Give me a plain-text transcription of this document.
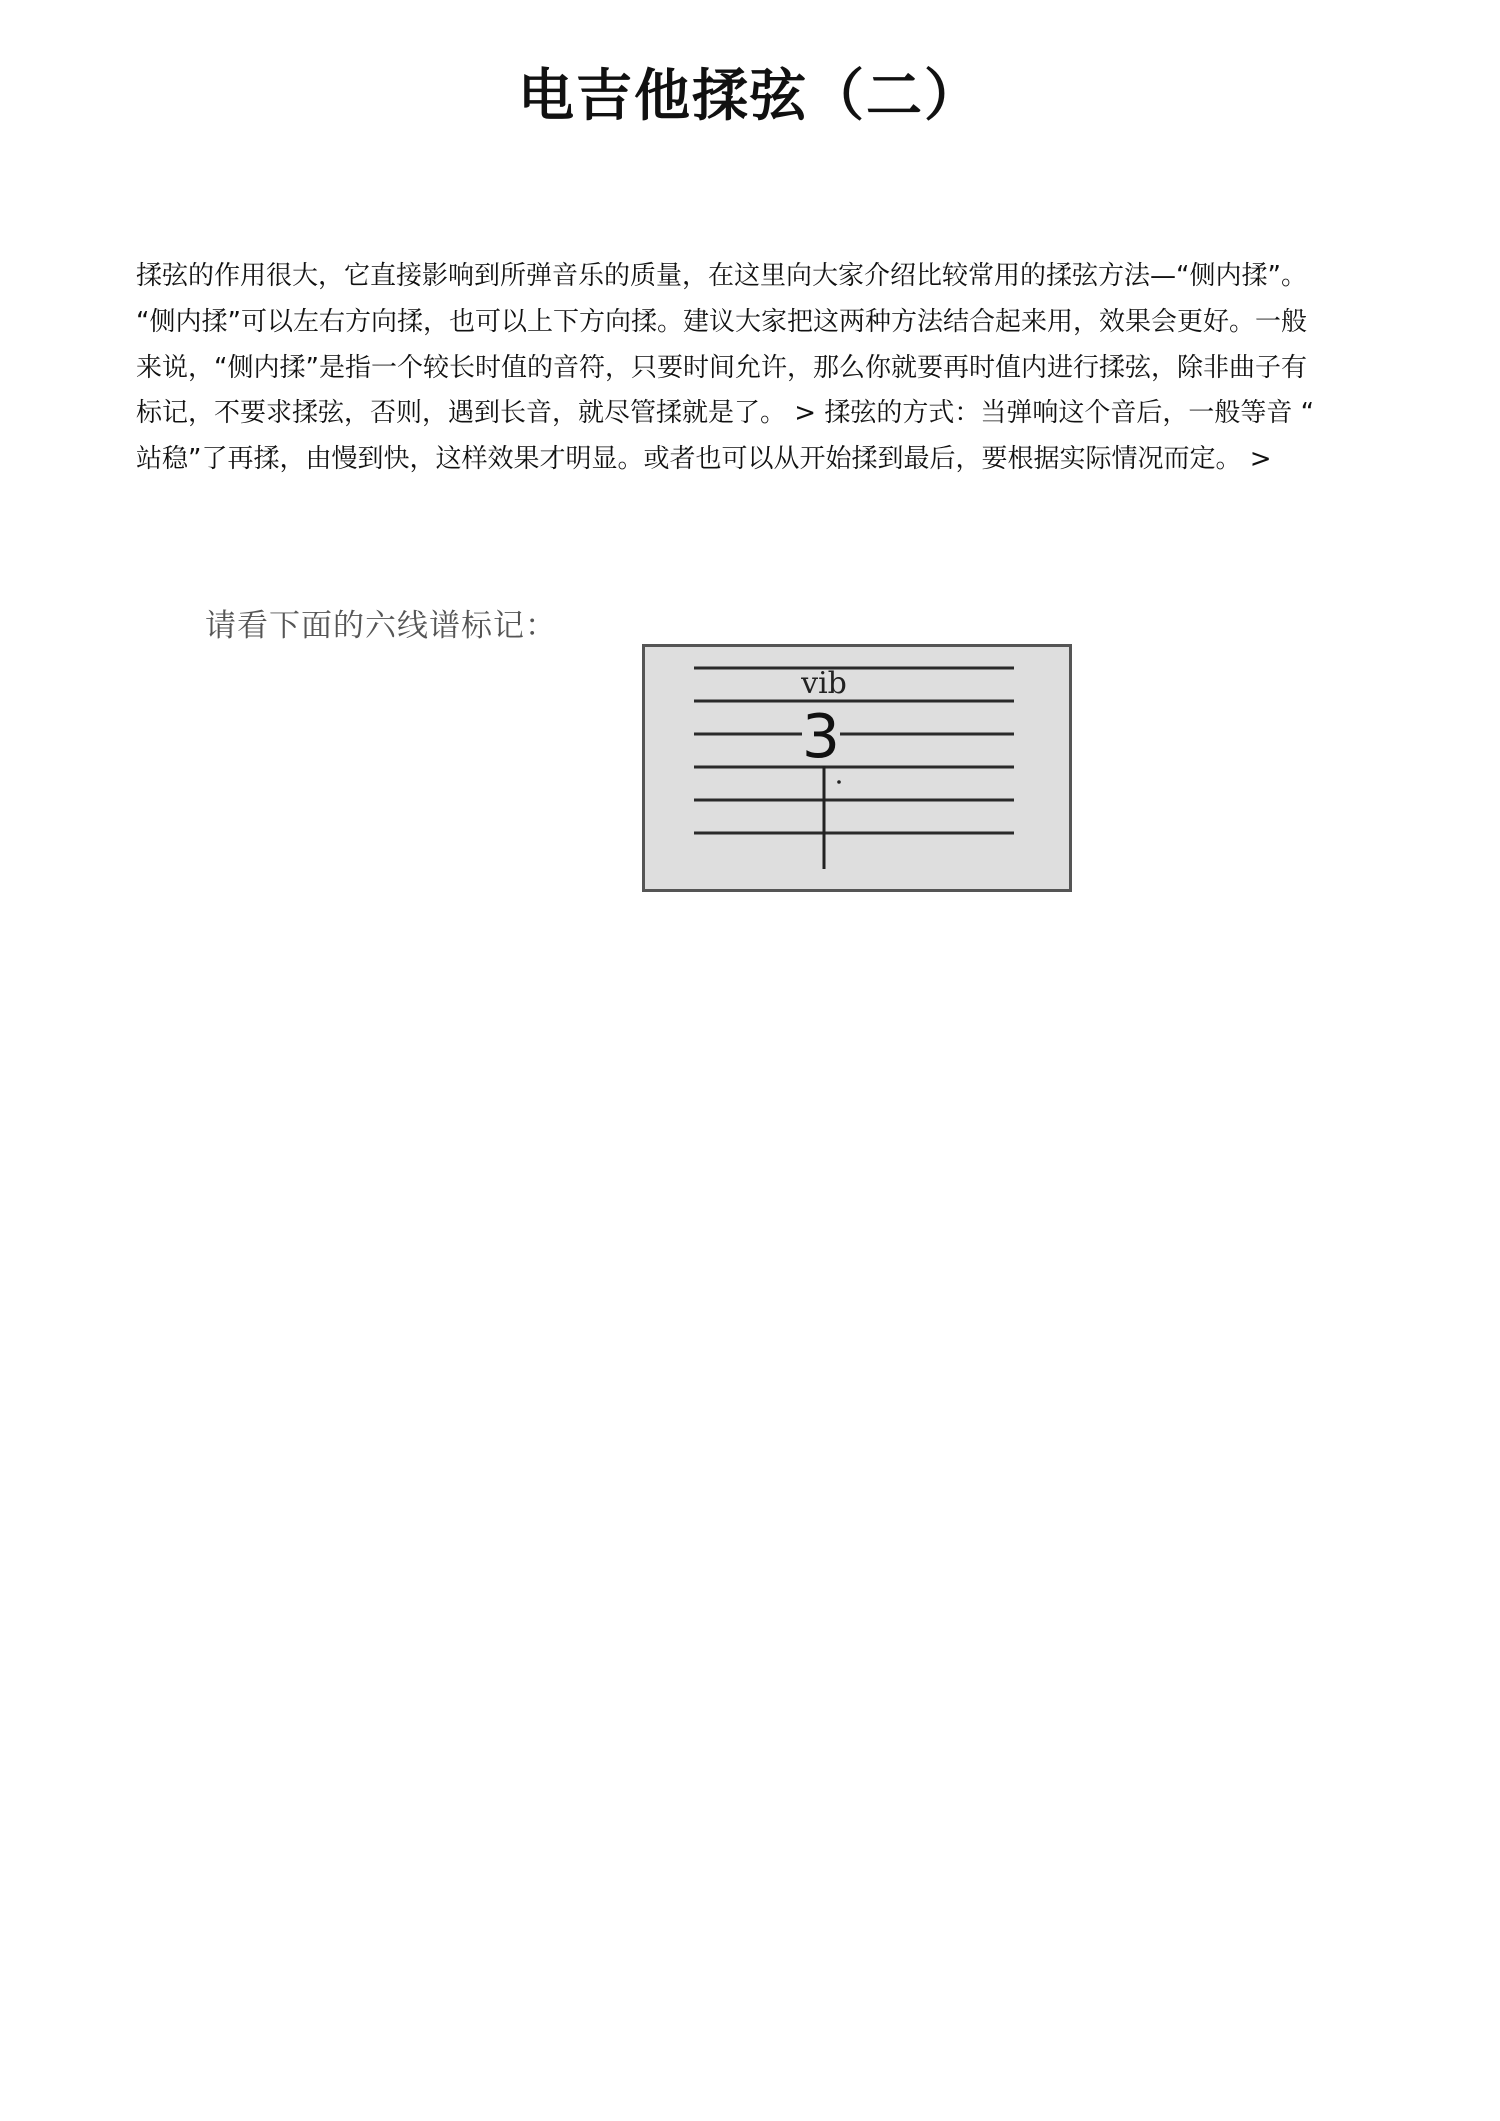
电吉他揉弦（二）
揉弦的作用很大，它直接影响到所弹音乐的质量，在这里向大家介绍比较常用的揉弦方法—“侧内揉”。
“侧内揉”可以左右方向揉，也可以上下方向揉。建议大家把这两种方法结合起来用，效果会更好。一般
来说，“侧内揉”是指一个较长时值的音符，只要时间允许，那么你就要再时值内进行揉弦，除非曲子有
标记，不要求揉弦，否则，遇到长音，就尽管揉就是了。 > 揉弦的方式：当弹响这个音后，一般等音 “
站稳”了再揉，由慢到快，这样效果才明显。或者也可以从开始揉到最后，要根据实际情况而定。 >
请看下面的六线谱标记：
vib
3
